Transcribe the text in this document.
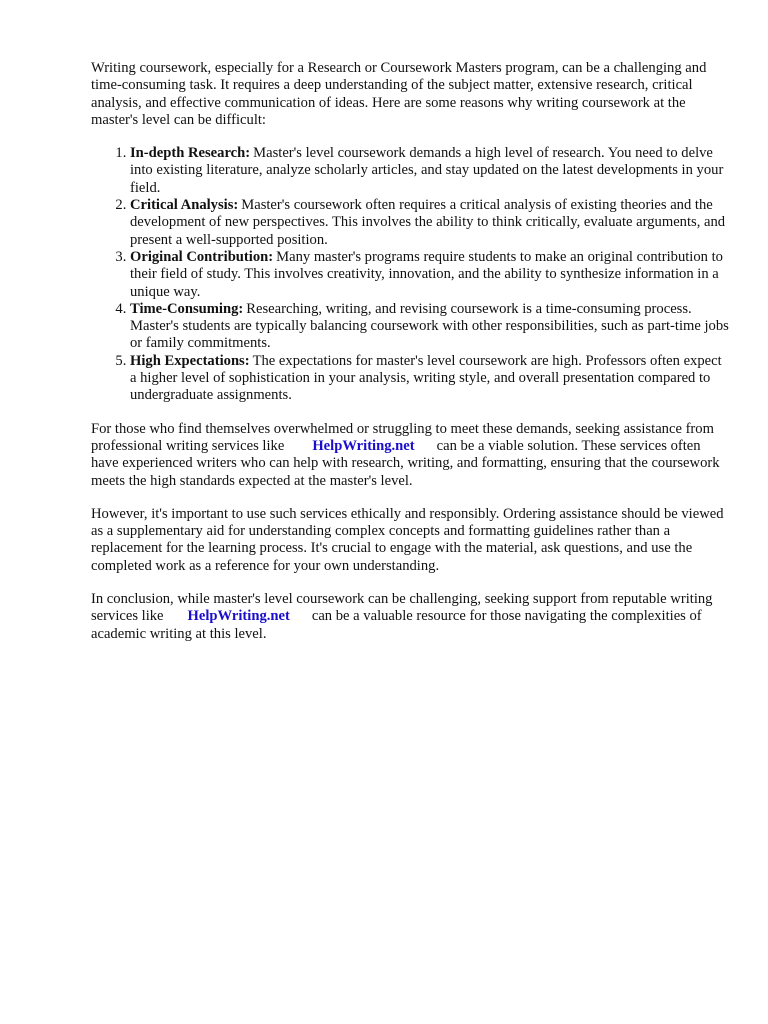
Writing coursework, especially for a Research or Coursework Masters program, can be a challenging and time-consuming task. It requires a deep understanding of the subject matter, extensive research, critical analysis, and effective communication of ideas. Here are some reasons why writing coursework at the master's level can be difficult:

1. In-depth Research: Master's level coursework demands a high level of research. You need to delve into existing literature, analyze scholarly articles, and stay updated on the latest developments in your field.
2. Critical Analysis: Master's coursework often requires a critical analysis of existing theories and the development of new perspectives. This involves the ability to think critically, evaluate arguments, and present a well-supported position.
3. Original Contribution: Many master's programs require students to make an original contribution to their field of study. This involves creativity, innovation, and the ability to synthesize information in a unique way.
4. Time-Consuming: Researching, writing, and revising coursework is a time-consuming process. Master's students are typically balancing coursework with other responsibilities, such as part-time jobs or family commitments.
5. High Expectations: The expectations for master's level coursework are high. Professors often expect a higher level of sophistication in your analysis, writing style, and overall presentation compared to undergraduate assignments.

For those who find themselves overwhelmed or struggling to meet these demands, seeking assistance from professional writing services like HelpWriting.net can be a viable solution. These services often have experienced writers who can help with research, writing, and formatting, ensuring that the coursework meets the high standards expected at the master's level.

However, it's important to use such services ethically and responsibly. Ordering assistance should be viewed as a supplementary aid for understanding complex concepts and formatting guidelines rather than a replacement for the learning process. It's crucial to engage with the material, ask questions, and use the completed work as a reference for your own understanding.

In conclusion, while master's level coursework can be challenging, seeking support from reputable writing services like HelpWriting.net can be a valuable resource for those navigating the complexities of academic writing at this level.
